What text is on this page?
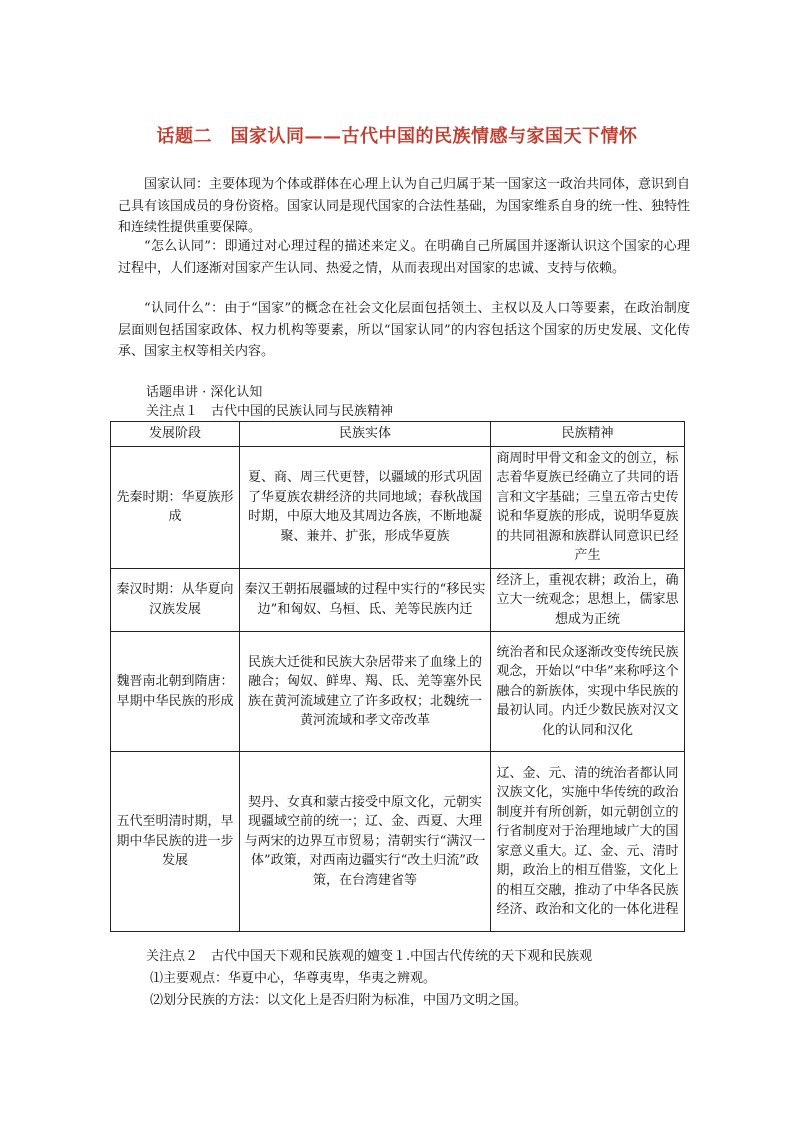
话题二　国家认同——古代中国的民族情感与家国天下情怀
国家认同：主要体现为个体或群体在心理上认为自己归属于某一国家这一政治共同体，意识到自己具有该国成员的身份资格。国家认同是现代国家的合法性基础，为国家维系自身的统一性、独特性和连续性提供重要保障。
“怎么认同”：即通过对心理过程的描述来定义。在明确自己所属国并逐渐认识这个国家的心理过程中，人们逐渐对国家产生认同、热爱之情，从而表现出对国家的忠诚、支持与依赖。
“认同什么”：由于“国家”的概念在社会文化层面包括领土、主权以及人口等要素，在政治制度层面则包括国家政体、权力机构等要素，所以“国家认同”的内容包括这个国家的历史发展、文化传承、国家主权等相关内容。
话题串讲 · 深化认知
关注点１　古代中国的民族认同与民族精神
发展阶段	民族实体	民族精神
先秦时期：华夏族形成	夏、商、周三代更替，以疆域的形式巩固了华夏族农耕经济的共同地域；春秋战国时期，中原大地及其周边各族，不断地凝聚、兼并、扩张，形成华夏族	商周时甲骨文和金文的创立，标志着华夏族已经确立了共同的语言和文字基础；三皇五帝古史传说和华夏族的形成，说明华夏族的共同祖源和族群认同意识已经产生
秦汉时期：从华夏向汉族发展	秦汉王朝拓展疆域的过程中实行的“移民实边”和匈奴、乌桓、氐、羌等民族内迁	经济上，重视农耕；政治上，确立大一统观念；思想上，儒家思想成为正统
魏晋南北朝到隋唐：早期中华民族的形成	民族大迁徙和民族大杂居带来了血缘上的融合；匈奴、鲜卑、羯、氐、羌等塞外民族在黄河流域建立了许多政权；北魏统一黄河流域和孝文帝改革	统治者和民众逐渐改变传统民族观念，开始以“中华”来称呼这个融合的新族体，实现中华民族的最初认同。内迁少数民族对汉文化的认同和汉化
五代至明清时期，早期中华民族的进一步发展	契丹、女真和蒙古接受中原文化，元朝实现疆域空前的统一；辽、金、西夏、大理与两宋的边界互市贸易；清朝实行“满汉一体”政策，对西南边疆实行“改土归流”政策，在台湾建省等	辽、金、元、清的统治者都认同汉族文化，实施中华传统的政治制度并有所创新，如元朝创立的行省制度对于治理地域广大的国家意义重大。辽、金、元、清时期，政治上的相互借鉴，文化上的相互交融，推动了中华各民族经济、政治和文化的一体化进程
关注点２　古代中国天下观和民族观的嬗变１.中国古代传统的天下观和民族观
⑴主要观点：华夏中心，华尊夷卑，华夷之辨观。
⑵划分民族的方法：以文化上是否归附为标准，中国乃文明之国。
